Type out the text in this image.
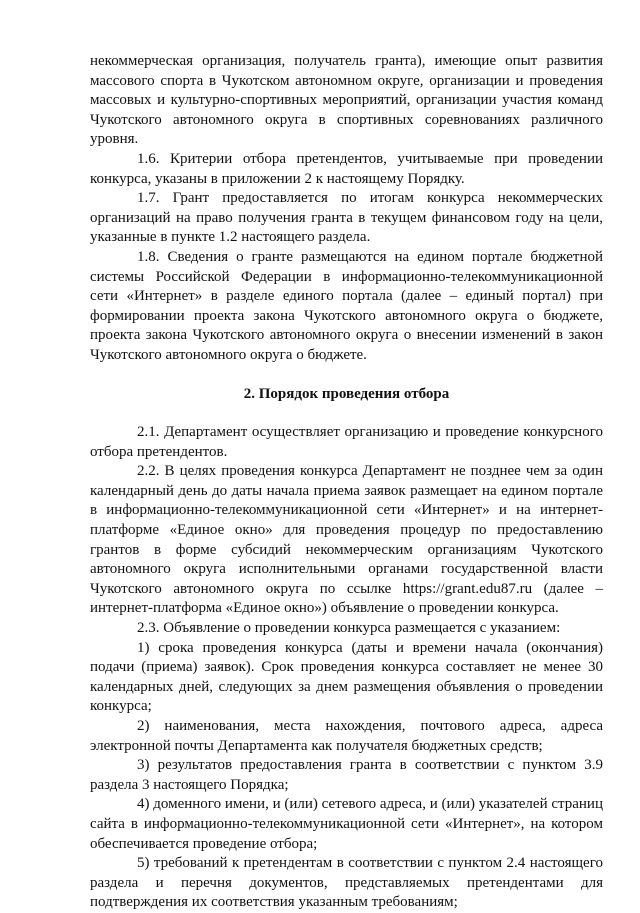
некоммерческая организация, получатель гранта), имеющие опыт развития массового спорта в Чукотском автономном округе, организации и проведения массовых и культурно-спортивных мероприятий, организации участия команд Чукотского автономного округа в спортивных соревнованиях различного уровня.

1.6. Критерии отбора претендентов, учитываемые при проведении конкурса, указаны в приложении 2 к настоящему Порядку.

1.7. Грант предоставляется по итогам конкурса некоммерческих организаций на право получения гранта в текущем финансовом году на цели, указанные в пункте 1.2 настоящего раздела.

1.8. Сведения о гранте размещаются на едином портале бюджетной системы Российской Федерации в информационно-телекоммуникационной сети «Интернет» в разделе единого портала (далее – единый портал) при формировании проекта закона Чукотского автономного округа о бюджете, проекта закона Чукотского автономного округа о внесении изменений в закон Чукотского автономного округа о бюджете.

2. Порядок проведения отбора

2.1. Департамент осуществляет организацию и проведение конкурсного отбора претендентов.

2.2. В целях проведения конкурса Департамент не позднее чем за один календарный день до даты начала приема заявок размещает на едином портале в информационно-телекоммуникационной сети «Интернет» и на интернет-платформе «Единое окно» для проведения процедур по предоставлению грантов в форме субсидий некоммерческим организациям Чукотского автономного округа исполнительными органами государственной власти Чукотского автономного округа по ссылке https://grant.edu87.ru (далее – интернет-платформа «Единое окно») объявление о проведении конкурса.

2.3. Объявление о проведении конкурса размещается с указанием:

1) срока проведения конкурса (даты и времени начала (окончания) подачи (приема) заявок). Срок проведения конкурса составляет не менее 30 календарных дней, следующих за днем размещения объявления о проведении конкурса;

2) наименования, места нахождения, почтового адреса, адреса электронной почты Департамента как получателя бюджетных средств;

3) результатов предоставления гранта в соответствии с пунктом 3.9 раздела 3 настоящего Порядка;

4) доменного имени, и (или) сетевого адреса, и (или) указателей страниц сайта в информационно-телекоммуникационной сети «Интернет», на котором обеспечивается проведение отбора;

5) требований к претендентам в соответствии с пунктом 2.4 настоящего раздела и перечня документов, представляемых претендентами для подтверждения их соответствия указанным требованиям;
